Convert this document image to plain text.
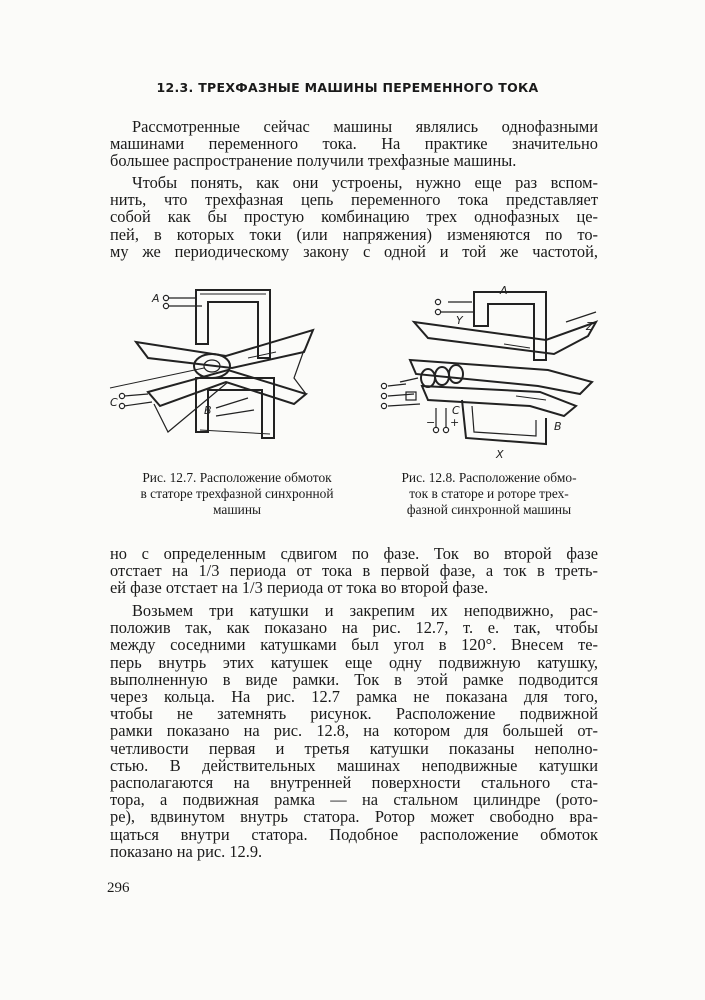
12.3. ТРЕХФАЗНЫЕ МАШИНЫ ПЕРЕМЕННОГО ТОКА
Рассмотренные сейчас машины являлись однофазными
машинами переменного тока. На практике значительно
большее распространение получили трехфазные машины.
Чтобы понять, как они устроены, нужно еще раз вспом-
нить, что трехфазная цепь переменного тока представляет
собой как бы простую комбинацию трех однофазных це-
пей, в которых токи (или напряжения) изменяются по то-
му же периодическому закону с одной и той же частотой,
A
C
B
A
Y	Z
C
B
X
− +
Рис. 12.7. Расположение обмоток
в статоре трехфазной синхронной
машины
Рис. 12.8. Расположение обмо-
ток в статоре и роторе трех-
фазной синхронной машины
но с определенным сдвигом по фазе. Ток во второй фазе
отстает на 1/3 периода от тока в первой фазе, а ток в треть-
ей фазе отстает на 1/3 периода от тока во второй фазе.
Возьмем три катушки и закрепим их неподвижно, рас-
положив так, как показано на рис. 12.7, т. е. так, чтобы
между соседними катушками был угол в 120°. Внесем те-
перь внутрь этих катушек еще одну подвижную катушку,
выполненную в виде рамки. Ток в этой рамке подводится
через кольца. На рис. 12.7 рамка не показана для того,
чтобы не затемнять рисунок. Расположение подвижной
рамки показано на рис. 12.8, на котором для большей от-
четливости первая и третья катушки показаны неполно-
стью. В действительных машинах неподвижные катушки
располагаются на внутренней поверхности стального ста-
тора, а подвижная рамка — на стальном цилиндре (рото-
ре), вдвинутом внутрь статора. Ротор может свободно вра-
щаться внутри статора. Подобное расположение обмоток
показано на рис. 12.9.
296
